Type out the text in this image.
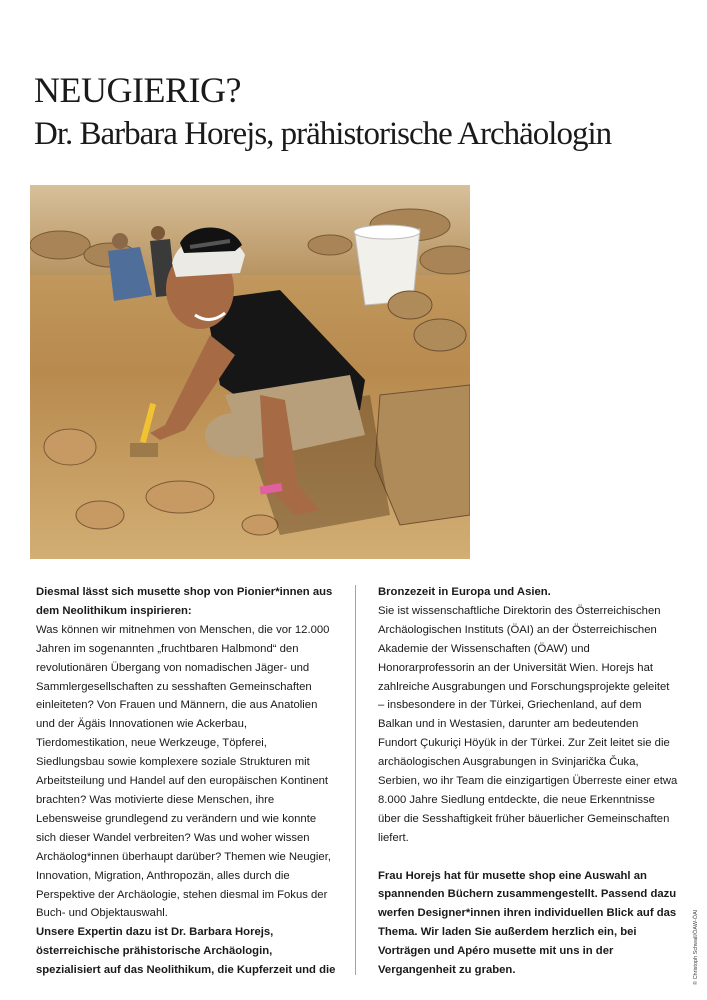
NEUGIERIG?
Dr. Barbara Horejs, prähistorische Archäologin

Diesmal lässt sich musette shop von Pionier*innen aus dem Neolithikum inspirieren:

Was können wir mitnehmen von Menschen, die vor 12.000 Jahren im sogenannten „fruchtbaren Halbmond“ den revolutionären Übergang von nomadischen Jäger- und Sammlergesellschaften zu sesshaften Gemeinschaften einleiteten? Von Frauen und Männern, die aus Anatolien und der Ägäis Innovationen wie Ackerbau, Tierdomestikation, neue Werkzeuge, Töpferei, Siedlungsbau sowie komplexere soziale Strukturen mit Arbeitsteilung und Handel auf den europäischen Kontinent brachten? Was motivierte diese Menschen, ihre Lebensweise grundlegend zu verändern und wie konnte sich dieser Wandel verbreiten? Was und woher wissen Archäolog*innen überhaupt darüber? Themen wie Neugier, Innovation, Migration, Anthropozän, alles durch die Perspektive der Archäologie, stehen diesmal im Fokus der Buch- und Objektauswahl.

Unsere Expertin dazu ist Dr. Barbara Horejs, österreichische prähistorische Archäologin, spezialisiert auf das Neolithikum, die Kupferzeit und die

Bronzezeit in Europa und Asien.

Sie ist wissenschaftliche Direktorin des Österreichischen Archäologischen Instituts (ÖAI) an der Österreichischen Akademie der Wissenschaften (ÖAW) und Honorarprofessorin an der Universität Wien. Horejs hat zahlreiche Ausgrabungen und Forschungsprojekte geleitet – insbesondere in der Türkei, Griechenland, auf dem Balkan und in Westasien, darunter am bedeutenden Fundort Çukuriçi Höyük in der Türkei. Zur Zeit leitet sie die archäologischen Ausgrabungen in Svinjarička Čuka, Serbien, wo ihr Team die einzigartigen Überreste einer etwa 8.000 Jahre Siedlung entdeckte, die neue Erkenntnisse über die Sesshaftigkeit früher bäuerlicher Gemeinschaften liefert.

Frau Horejs hat für musette shop eine Auswahl an spannenden Büchern zusammengestellt. Passend dazu werfen Designer*innen ihren individuellen Blick auf das Thema. Wir laden Sie außerdem herzlich ein, bei Vorträgen und Apéro musette mit uns in der Vergangenheit zu graben.	© Christoph Schwall/ÖAW-ÖAI
